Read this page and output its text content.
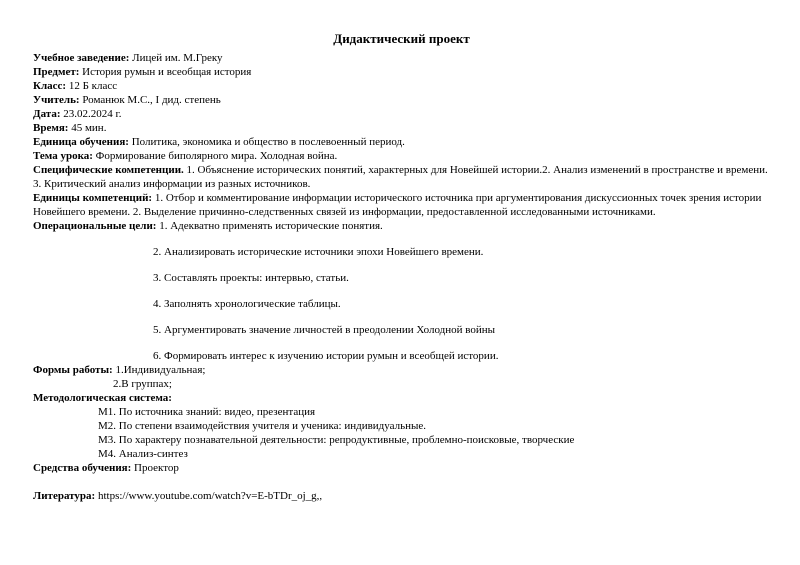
Дидактический проект

Учебное заведение: Лицей им. М.Греку

Предмет: История румын и всеобщая история

Класс: 12 Б класс

Учитель: Романюк М.С., I дид. степень

Дата: 23.02.2024 г.

Время: 45 мин.

Единица обучения: Политика, экономика и общество в послевоенный период.

Тема урока: Формирование биполярного мира. Холодная война.

Специфические компетенции. 1. Объяснение исторических понятий, характерных для Новейшей истории.2. Анализ изменений в пространстве и времени. 3. Критический анализ информации из разных источников.

Единицы компетенций: 1. Отбор и комментирование информации исторического источника при аргументирования дискуссионных точек зрения истории Новейшего времени. 2. Выделение причинно-следственных связей из информации, предоставленной исследованными источниками.

Операциональные цели: 1. Адекватно применять исторические понятия.

2. Анализировать исторические источники эпохи Новейшего времени.

3. Составлять проекты: интервью, статьи.

4. Заполнять хронологические таблицы.

5. Аргументировать значение личностей в преодолении Холодной войны

6. Формировать интерес к изучению истории румын и всеобщей истории.

Формы работы: 1.Индивидуальная;

2.В группах;

Методологическая система:

М1. По источника знаний: видео, презентация

М2. По степени взаимодействия учителя и ученика: индивидуальные.

М3. По характеру познавательной деятельности: репродуктивные, проблемно-поисковые, творческие

М4. Анализ-синтез

Средства обучения: Проектор

Литература: https://www.youtube.com/watch?v=E-bTDr_oj_g,,
